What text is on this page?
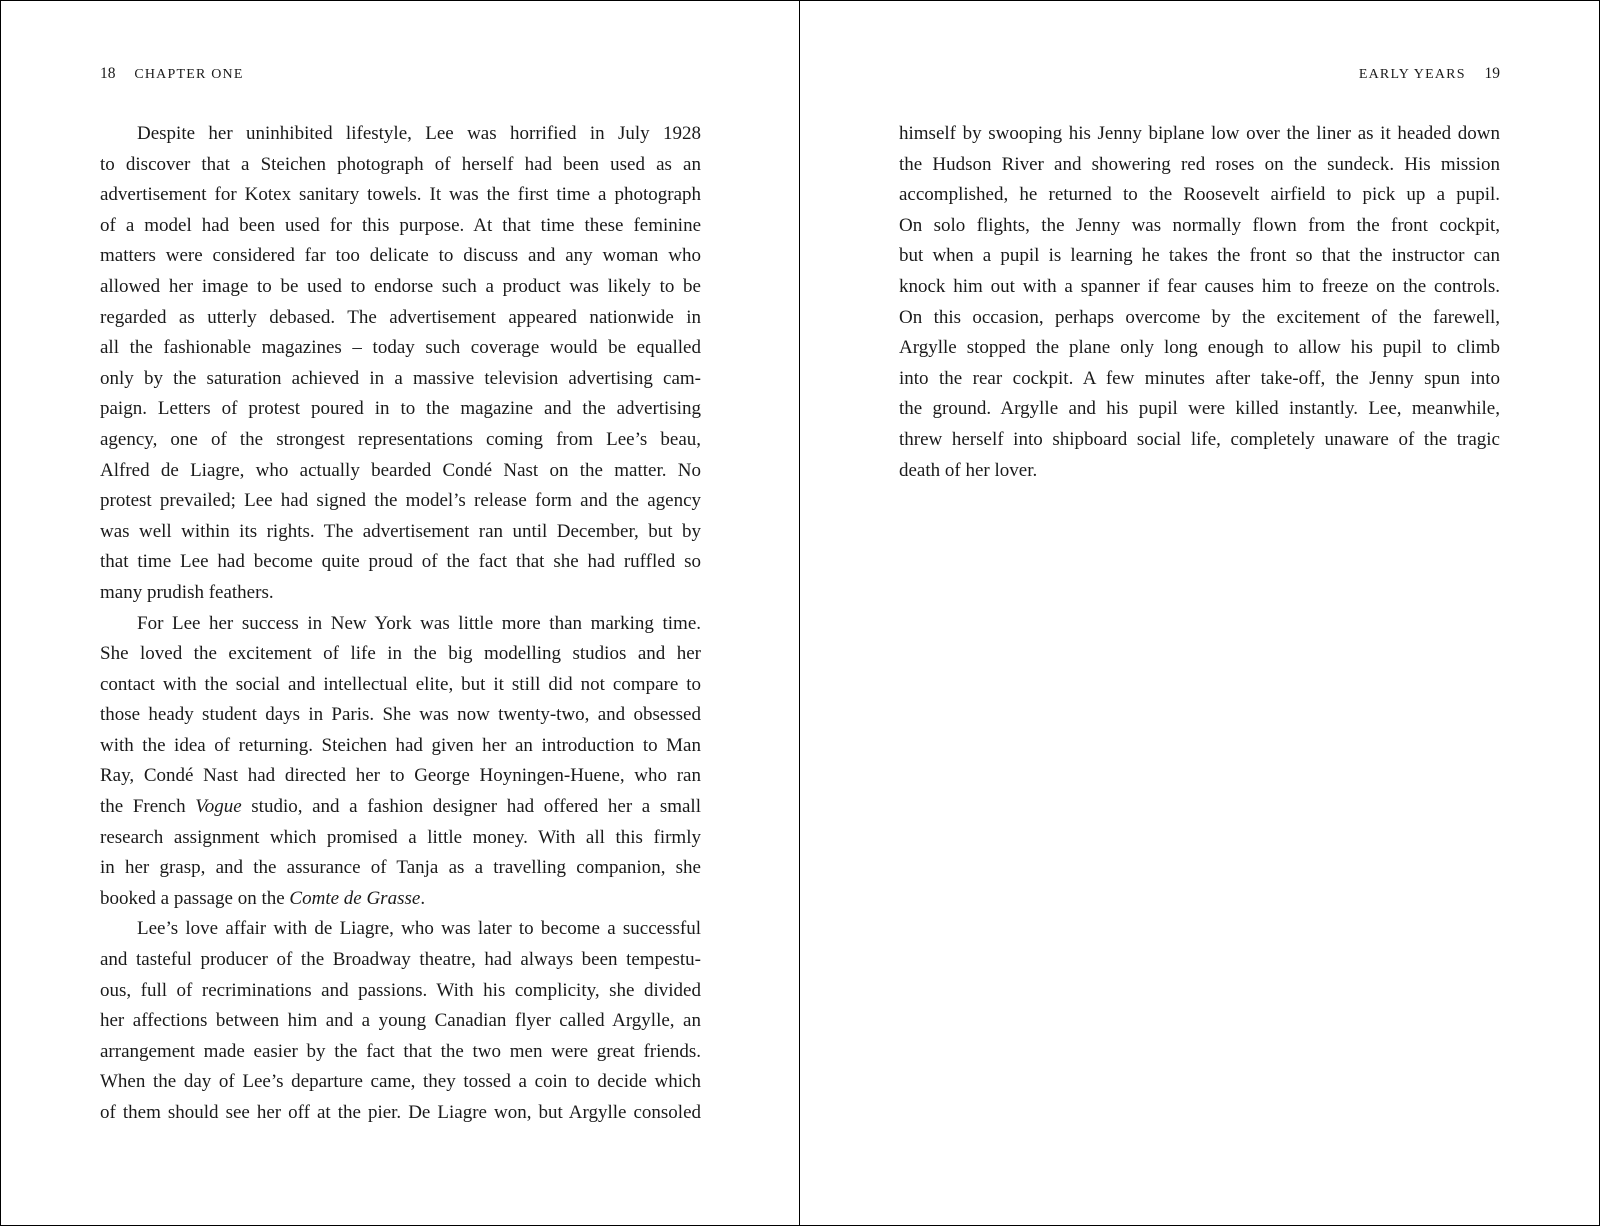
18 CHAPTER ONE
Despite her uninhibited lifestyle, Lee was horrified in July 1928
to discover that a Steichen photograph of herself had been used as an
advertisement for Kotex sanitary towels. It was the first time a photograph
of a model had been used for this purpose. At that time these feminine
matters were considered far too delicate to discuss and any woman who
allowed her image to be used to endorse such a product was likely to be
regarded as utterly debased. The advertisement appeared nationwide in
all the fashionable magazines – today such coverage would be equalled
only by the saturation achieved in a massive television advertising cam-
paign. Letters of protest poured in to the magazine and the advertising
agency, one of the strongest representations coming from Lee’s beau,
Alfred de Liagre, who actually bearded Condé Nast on the matter. No
protest prevailed; Lee had signed the model’s release form and the agency
was well within its rights. The advertisement ran until December, but by
that time Lee had become quite proud of the fact that she had ruffled so
many prudish feathers.
For Lee her success in New York was little more than marking time.
She loved the excitement of life in the big modelling studios and her
contact with the social and intellectual elite, but it still did not compare to
those heady student days in Paris. She was now twenty-two, and obsessed
with the idea of returning. Steichen had given her an introduction to Man
Ray, Condé Nast had directed her to George Hoyningen-Huene, who ran
the French Vogue studio, and a fashion designer had offered her a small
research assignment which promised a little money. With all this firmly
in her grasp, and the assurance of Tanja as a travelling companion, she
booked a passage on the Comte de Grasse.
Lee’s love affair with de Liagre, who was later to become a successful
and tasteful producer of the Broadway theatre, had always been tempestu-
ous, full of recriminations and passions. With his complicity, she divided
her affections between him and a young Canadian flyer called Argylle, an
arrangement made easier by the fact that the two men were great friends.
When the day of Lee’s departure came, they tossed a coin to decide which
of them should see her off at the pier. De Liagre won, but Argylle consoled
EARLY YEARS 19
himself by swooping his Jenny biplane low over the liner as it headed down
the Hudson River and showering red roses on the sundeck. His mission
accomplished, he returned to the Roosevelt airfield to pick up a pupil.
On solo flights, the Jenny was normally flown from the front cockpit,
but when a pupil is learning he takes the front so that the instructor can
knock him out with a spanner if fear causes him to freeze on the controls.
On this occasion, perhaps overcome by the excitement of the farewell,
Argylle stopped the plane only long enough to allow his pupil to climb
into the rear cockpit. A few minutes after take-off, the Jenny spun into
the ground. Argylle and his pupil were killed instantly. Lee, meanwhile,
threw herself into shipboard social life, completely unaware of the tragic
death of her lover.
